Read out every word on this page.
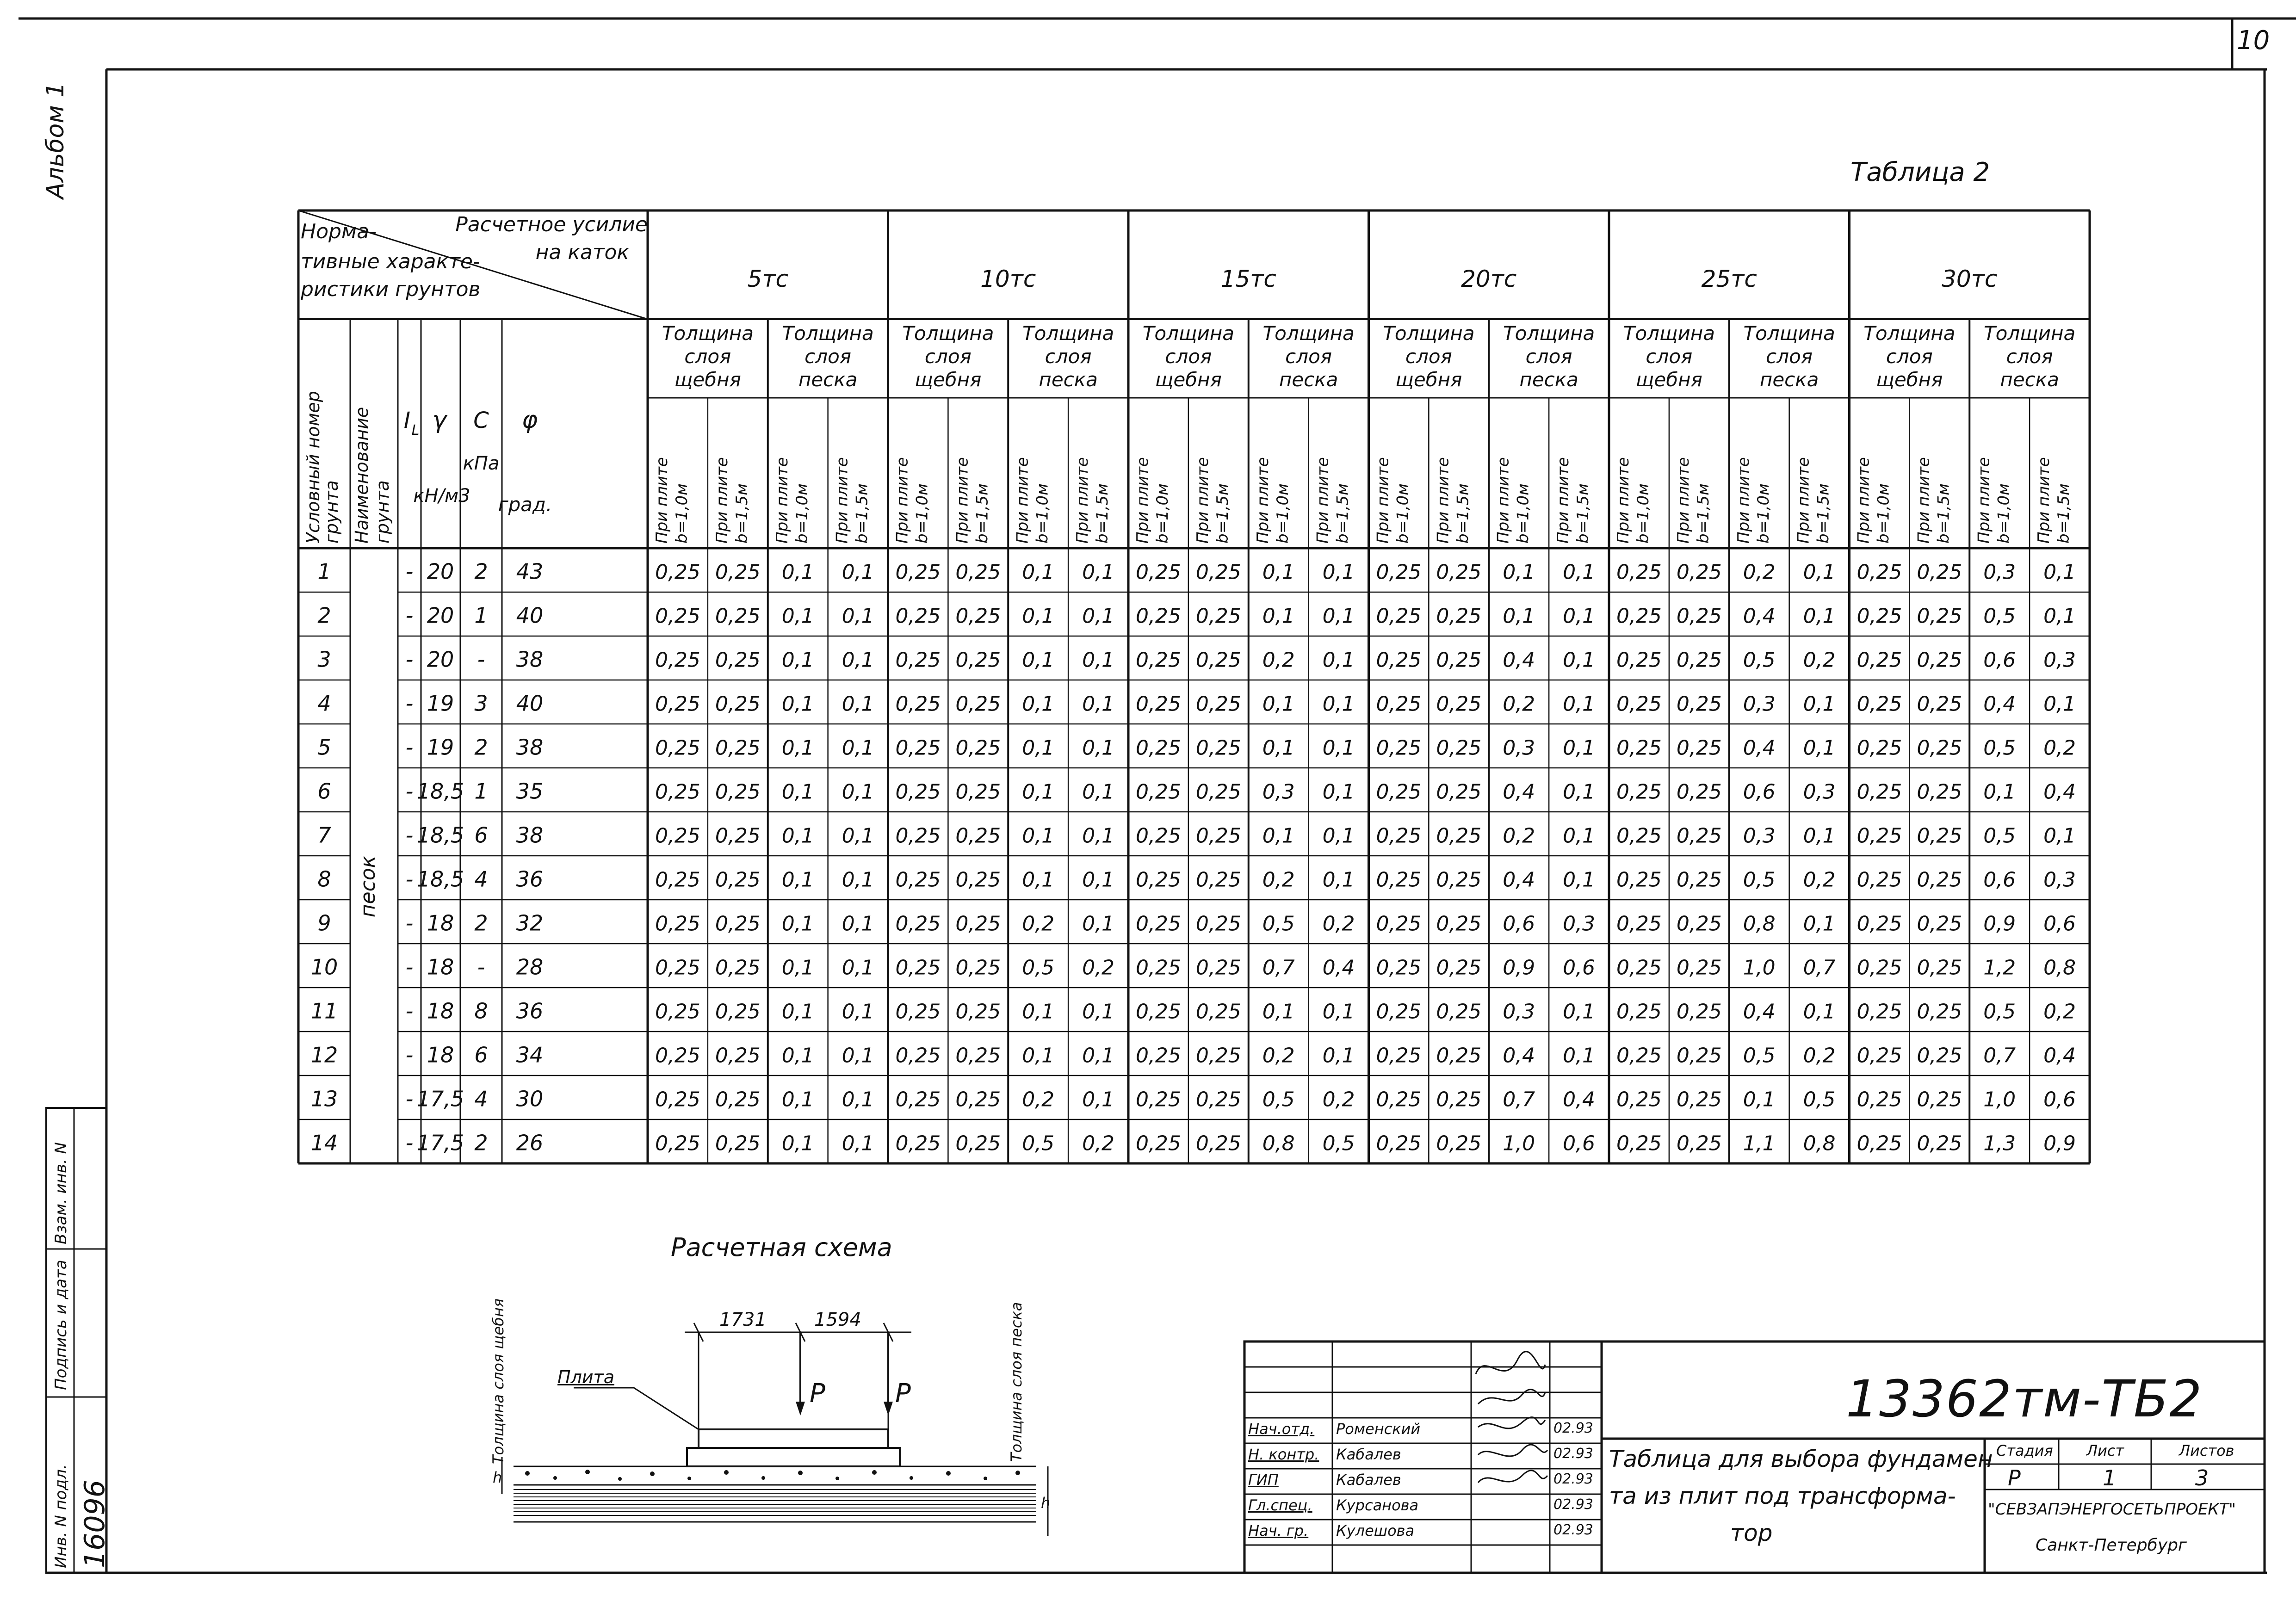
10
Альбом 1
Инв. N подл.
Подпись и дата
Взам. инв. N
16096
Таблица 2
Норма-
тивные характе-
ристики грунтов
Расчетное усилие
на каток
5тс	10тс	15тс	20тс	25тс	30тс
Толщина
слоя
щебня
Толщина
слоя
песка
При плите b=1,0м При плите b=1,5м При плите b=1,0м При плите b=1,5м
Толщина
слоя
щебня
Толщина
слоя
песка
При плите b=1,0м При плите b=1,5м При плите b=1,0м При плите b=1,5м
Толщина
слоя
щебня
Толщина
слоя
песка
При плите b=1,0м При плите b=1,5м При плите b=1,0м При плите b=1,5м
Толщина
слоя
щебня
Толщина
слоя
песка
При плите b=1,0м При плите b=1,5м При плите b=1,0м При плите b=1,5м
Толщина
слоя
щебня
Толщина
слоя
песка
При плите b=1,0м При плите b=1,5м При плите b=1,0м При плите b=1,5м
Толщина
слоя
щебня
Толщина
слоя
песка
При плите b=1,0м При плите b=1,5м При плите b=1,0м При плите b=1,5м
Условный номер
грунта Наименование грунта
I L γ
кН/м3
C
кПа
φ
град.
песок
1	- 20 2 43	0,25 0,25 0,1 0,1 0,25 0,25 0,1 0,1 0,25 0,25 0,1 0,1 0,25 0,25 0,1 0,1 0,25 0,25 0,2 0,1 0,25 0,25 0,3 0,1
2	- 20 1 40	0,25 0,25 0,1 0,1 0,25 0,25 0,1 0,1 0,25 0,25 0,1 0,1 0,25 0,25 0,1 0,1 0,25 0,25 0,4 0,1 0,25 0,25 0,5 0,1
3	- 20 - 38	0,25 0,25 0,1 0,1 0,25 0,25 0,1 0,1 0,25 0,25 0,2 0,1 0,25 0,25 0,4 0,1 0,25 0,25 0,5 0,2 0,25 0,25 0,6 0,3
4	- 19 3 40	0,25 0,25 0,1 0,1 0,25 0,25 0,1 0,1 0,25 0,25 0,1 0,1 0,25 0,25 0,2 0,1 0,25 0,25 0,3 0,1 0,25 0,25 0,4 0,1
5	- 19 2 38	0,25 0,25 0,1 0,1 0,25 0,25 0,1 0,1 0,25 0,25 0,1 0,1 0,25 0,25 0,3 0,1 0,25 0,25 0,4 0,1 0,25 0,25 0,5 0,2
6	- 18,5 1 35	0,25 0,25 0,1 0,1 0,25 0,25 0,1 0,1 0,25 0,25 0,3 0,1 0,25 0,25 0,4 0,1 0,25 0,25 0,6 0,3 0,25 0,25 0,1 0,4
7	- 18,5 6 38	0,25 0,25 0,1 0,1 0,25 0,25 0,1 0,1 0,25 0,25 0,1 0,1 0,25 0,25 0,2 0,1 0,25 0,25 0,3 0,1 0,25 0,25 0,5 0,1
8	- 18,5 4 36	0,25 0,25 0,1 0,1 0,25 0,25 0,1 0,1 0,25 0,25 0,2 0,1 0,25 0,25 0,4 0,1 0,25 0,25 0,5 0,2 0,25 0,25 0,6 0,3
9	- 18 2 32	0,25 0,25 0,1 0,1 0,25 0,25 0,2 0,1 0,25 0,25 0,5 0,2 0,25 0,25 0,6 0,3 0,25 0,25 0,8 0,1 0,25 0,25 0,9 0,6
10	- 18 - 28	0,25 0,25 0,1 0,1 0,25 0,25 0,5 0,2 0,25 0,25 0,7 0,4 0,25 0,25 0,9 0,6 0,25 0,25 1,0 0,7 0,25 0,25 1,2 0,8
11	- 18 8 36	0,25 0,25 0,1 0,1 0,25 0,25 0,1 0,1 0,25 0,25 0,1 0,1 0,25 0,25 0,3 0,1 0,25 0,25 0,4 0,1 0,25 0,25 0,5 0,2
12	- 18 6 34	0,25 0,25 0,1 0,1 0,25 0,25 0,1 0,1 0,25 0,25 0,2 0,1 0,25 0,25 0,4 0,1 0,25 0,25 0,5 0,2 0,25 0,25 0,7 0,4
13	- 17,5 4 30	0,25 0,25 0,1 0,1 0,25 0,25 0,2 0,1 0,25 0,25 0,5 0,2 0,25 0,25 0,7 0,4 0,25 0,25 0,1 0,5 0,25 0,25 1,0 0,6
14	- 17,5 2 26	0,25 0,25 0,1 0,1 0,25 0,25 0,5 0,2 0,25 0,25 0,8 0,5 0,25 0,25 1,0 0,6 0,25 0,25 1,1 0,8 0,25 0,25 1,3 0,9
Расчетная схема
1731	1594
Плита
P	P
Толщина слоя щебня	Толщина слоя песка
h
h
Нач.отд.	Роменский	02.93
Н. контр. Кабалев	02.93
ГИП	Кабалев	02.93
Гл.спец. Курсанова	02.93
Нач. гр. Кулешова	02.93
13362тм-ТБ2
Таблица для выбора фундамен
та из плит под трансформа-
тор
Стадия Лист	Листов
Р	1	3
"СЕВЗАПЭНЕРГОСЕТЬПРОЕКТ"
Санкт-Петербург
